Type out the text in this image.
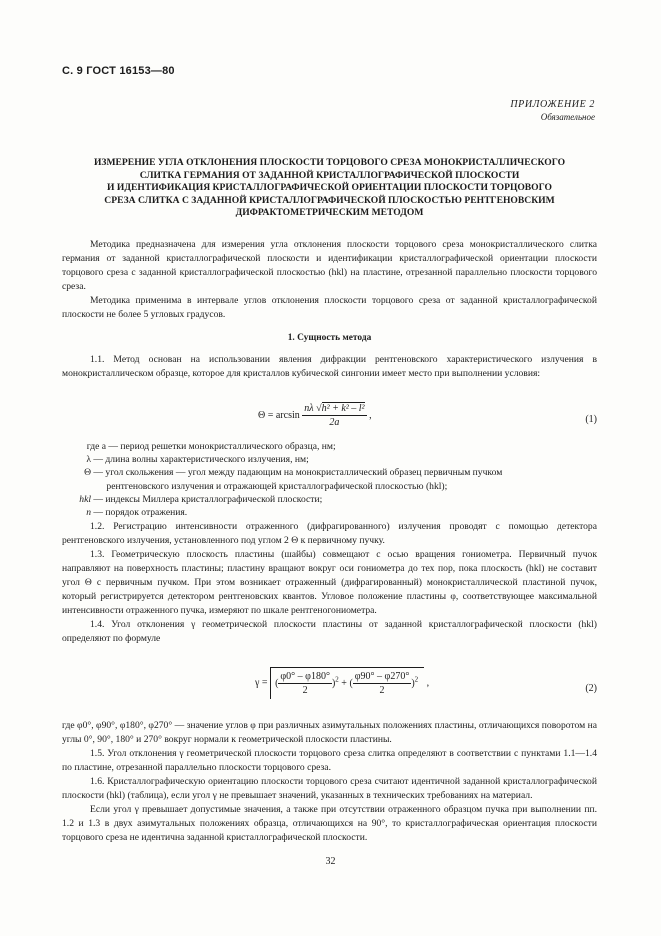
С. 9 ГОСТ 16153—80
ПРИЛОЖЕНИЕ 2
Обязательное
ИЗМЕРЕНИЕ УГЛА ОТКЛОНЕНИЯ ПЛОСКОСТИ ТОРЦОВОГО СРЕЗА МОНОКРИСТАЛЛИЧЕСКОГО
СЛИТКА ГЕРМАНИЯ ОТ ЗАДАННОЙ КРИСТАЛЛОГРАФИЧЕСКОЙ ПЛОСКОСТИ
И ИДЕНТИФИКАЦИЯ КРИСТАЛЛОГРАФИЧЕСКОЙ ОРИЕНТАЦИИ ПЛОСКОСТИ ТОРЦОВОГО
СРЕЗА СЛИТКА С ЗАДАННОЙ КРИСТАЛЛОГРАФИЧЕСКОЙ ПЛОСКОСТЬЮ РЕНТГЕНОВСКИМ
ДИФРАКТОМЕТРИЧЕСКИМ МЕТОДОМ

Методика предназначена для измерения угла отклонения плоскости торцового среза монокристаллического слитка германия от заданной кристаллографической плоскости и идентификации кристаллографической ориентации плоскости торцового среза с заданной кристаллографической плоскостью (hkl) на пластине, отрезанной параллельно плоскости торцового среза.

Методика применима в интервале углов отклонения плоскости торцового среза от заданной кристаллографической плоскости не более 5 угловых градусов.

1. Сущность метода

1.1. Метод основан на использовании явления дифракции рентгеновского характеристического излучения в монокристаллическом образце, которое для кристаллов кубической сингонии имеет место при выполнении условия:

$\Theta = \arcsin \frac{\text{nλ √h² + k² – l²}}{2a}$ ,	(1)
где a — период решетки монокристаллического образца, нм;
λ — длина волны характеристического излучения, нм;
Θ — угол скольжения — угол между падающим на монокристаллический образец первичным пучком
рентгеновского излучения и отражающей кристаллографической плоскостью (hkl);
hkl — индексы Миллера кристаллографической плоскости;
n — порядок отражения.

1.2. Регистрацию интенсивности отраженного (дифрагированного) излучения проводят с помощью детектора рентгеновского излучения, установленного под углом 2 Θ к первичному пучку.

1.3. Геометрическую плоскость пластины (шайбы) совмещают с осью вращения гониометра. Первичный пучок направляют на поверхность пластины; пластину вращают вокруг оси гониометра до тех пор, пока плоскость (hkl) не составит угол Θ с первичным пучком. При этом возникает отраженный (дифрагированный) монокристаллической пластиной пучок, который регистрируется детектором рентгеновских квантов. Угловое положение пластины φ, соответствующее максимальной интенсивности отраженного пучка, измеряют по шкале рентгеногониометра.

1.4. Угол отклонения γ геометрической плоскости пластины от заданной кристаллографической плоскости (hkl) определяют по формуле

γ = ( $\frac{\varphi 0^\circ - \varphi 180^\circ}{2} )^2$ + ( $\frac{\varphi 90^\circ - \varphi 270^\circ}{2} )^2$ ,
(2)

где φ0°, φ90°, φ180°, φ270° — значение углов φ при различных азимутальных положениях пластины, отличающихся поворотом на углы 0°, 90°, 180° и 270° вокруг нормали к геометрической плоскости пластины.

1.5. Угол отклонения γ геометрической плоскости торцового среза слитка определяют в соответствии с пунктами 1.1—1.4 по пластине, отрезанной параллельно плоскости торцового среза.

1.6. Кристаллографическую ориентацию плоскости торцового среза считают идентичной заданной кристаллографической плоскости (hkl) (таблица), если угол γ не превышает значений, указанных в технических требованиях на материал.

Если угол γ превышает допустимые значения, а также при отсутствии отраженного образцом пучка при выполнении пп. 1.2 и 1.3 в двух азимутальных положениях образца, отличающихся на 90°, то кристаллографическая ориентация плоскости торцового среза не идентична заданной кристаллографической плоскости.

32
